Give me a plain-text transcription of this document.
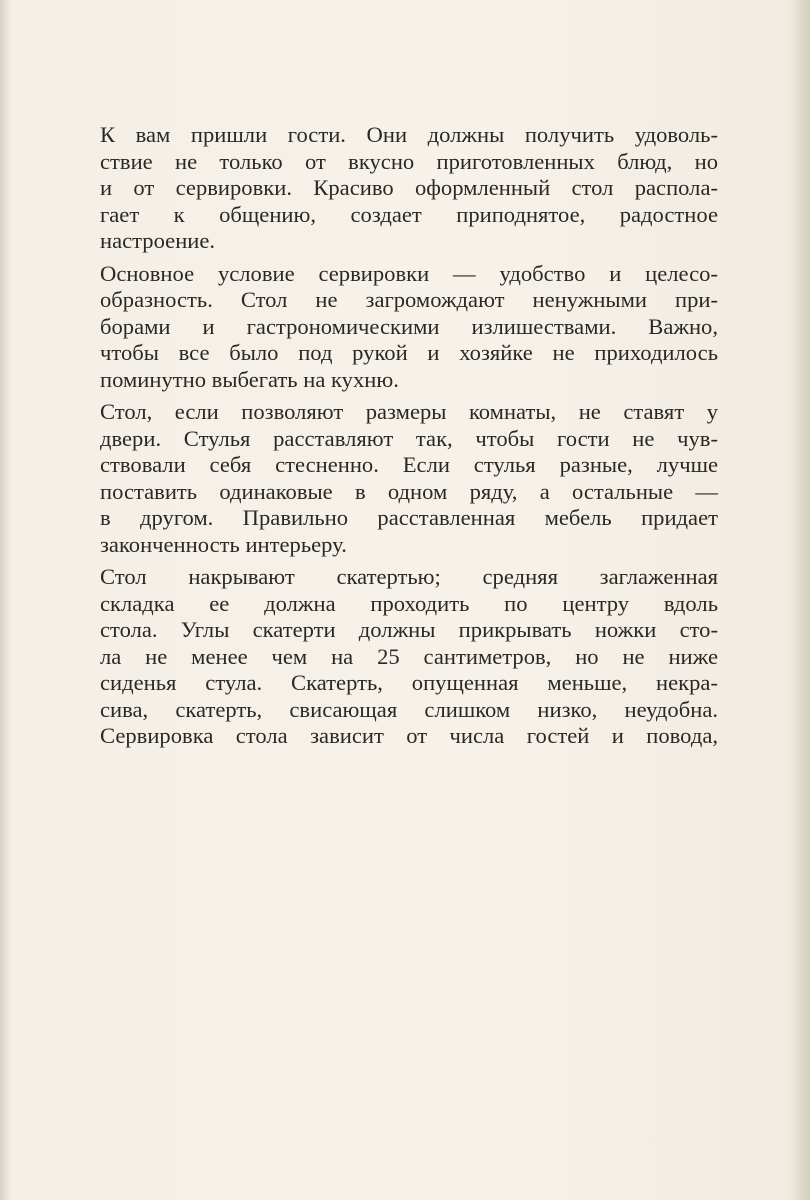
К вам пришли гости. Они должны получить удоволь-
ствие не только от вкусно приготовленных блюд, но
и от сервировки. Красиво оформленный стол распола-
гает к общению, создает приподнятое, радостное
настроение.
Основное условие сервировки — удобство и целесо-
образность. Стол не загромождают ненужными при-
борами и гастрономическими излишествами. Важно,
чтобы все было под рукой и хозяйке не приходилось
поминутно выбегать на кухню.
Стол, если позволяют размеры комнаты, не ставят у
двери. Стулья расставляют так, чтобы гости не чув-
ствовали себя стесненно. Если стулья разные, лучше
поставить одинаковые в одном ряду, а остальные —
в другом. Правильно расставленная мебель придает
законченность интерьеру.
Стол накрывают скатертью; средняя заглаженная
складка ее должна проходить по центру вдоль
стола. Углы скатерти должны прикрывать ножки сто-
ла не менее чем на 25 сантиметров, но не ниже
сиденья стула. Скатерть, опущенная меньше, некра-
сива, скатерть, свисающая слишком низко, неудобна.
Сервировка стола зависит от числа гостей и повода,
